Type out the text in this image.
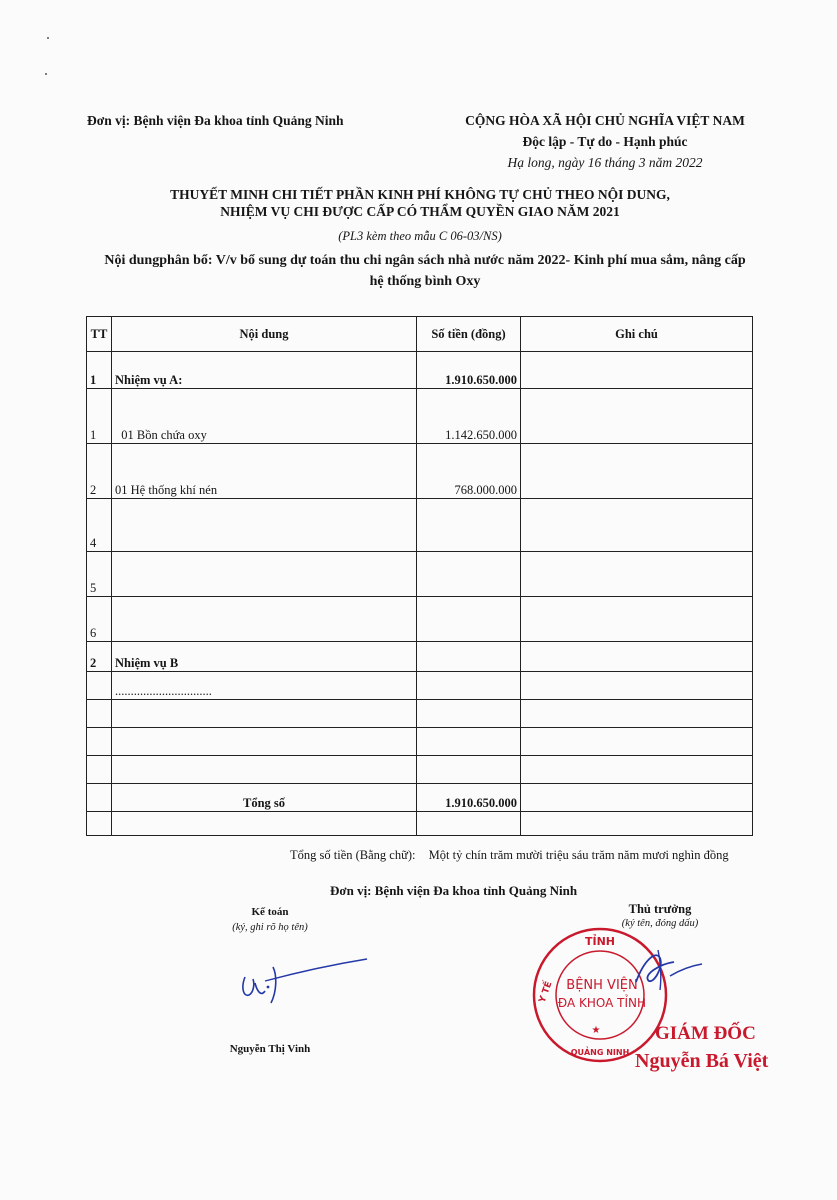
Đơn vị: Bệnh viện Đa khoa tỉnh Quảng Ninh	CỘNG HÒA XÃ HỘI CHỦ NGHĨA VIỆT NAM
Độc lập - Tự do - Hạnh phúc
Hạ long, ngày 16 tháng 3 năm 2022
THUYẾT MINH CHI TIẾT PHẦN KINH PHÍ KHÔNG TỰ CHỦ THEO NỘI DUNG,
NHIỆM VỤ CHI ĐƯỢC CẤP CÓ THẨM QUYỀN GIAO NĂM 2021
(PL3 kèm theo mẫu C 06-03/NS)
Nội dungphân bổ: V/v bổ sung dự toán thu chi ngân sách nhà nước năm 2022- Kinh phí mua sắm, nâng cấp
hệ thống bình Oxy
TT	Nội dung	Số tiền (đồng)	Ghi chú
1	Nhiệm vụ A:	1.910.650.000	
1	01 Bồn chứa oxy	1.142.650.000	
2	01 Hệ thống khí nén	768.000.000	
4			
5			
6			
2	Nhiệm vụ B		
	...............................		

	Tổng số	1.910.650.000	

Tổng số tiền (Bằng chữ): Một tỷ chín trăm mười triệu sáu trăm năm mươi nghìn đồng
Đơn vị: Bệnh viện Đa khoa tỉnh Quảng Ninh
Kế toán
(ký, ghi rõ họ tên)
Thủ trưởng
(ký tên, đóng dấu)
Nguyễn Thị Vinh
TỈNH
Y TẾ BỆNH VIỆN
ĐA KHOA TỈNH
QUẢNG NINH
★	GIÁM ĐỐC
Nguyễn Bá Việt
